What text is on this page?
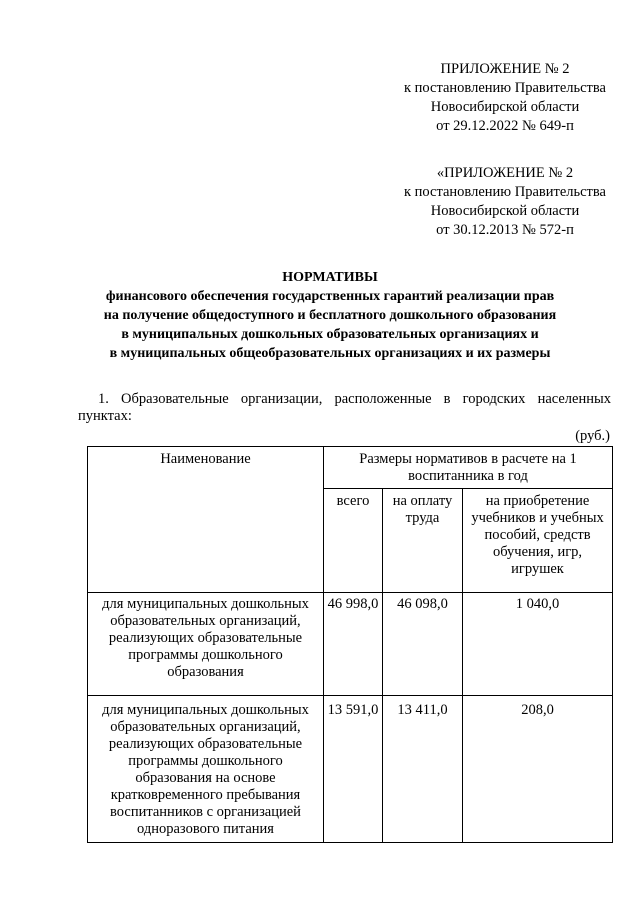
ПРИЛОЖЕНИЕ № 2
к постановлению Правительства
Новосибирской области
от 29.12.2022 № 649-п
«ПРИЛОЖЕНИЕ № 2
к постановлению Правительства
Новосибирской области
от 30.12.2013 № 572-п
НОРМАТИВЫ
финансового обеспечения государственных гарантий реализации прав
на получение общедоступного и бесплатного дошкольного образования
в муниципальных дошкольных образовательных организациях и
в муниципальных общеобразовательных организациях и их размеры
1. Образовательные организации, расположенные в городских населенных
пунктах:
(руб.)
Наименование	Размеры нормативов в расчете на 1 воспитанника в год		
	всего	на оплату труда	на приобретение учебников и учебных пособий, средств обучения, игр, игрушек
для муниципальных дошкольных образовательных организаций, реализующих образовательные программы дошкольного образования	46 998,0	46 098,0	1 040,0
для муниципальных дошкольных образовательных организаций, реализующих образовательные программы дошкольного образования на основе кратковременного пребывания воспитанников с организацией одноразового питания	13 591,0	13 411,0	208,0
